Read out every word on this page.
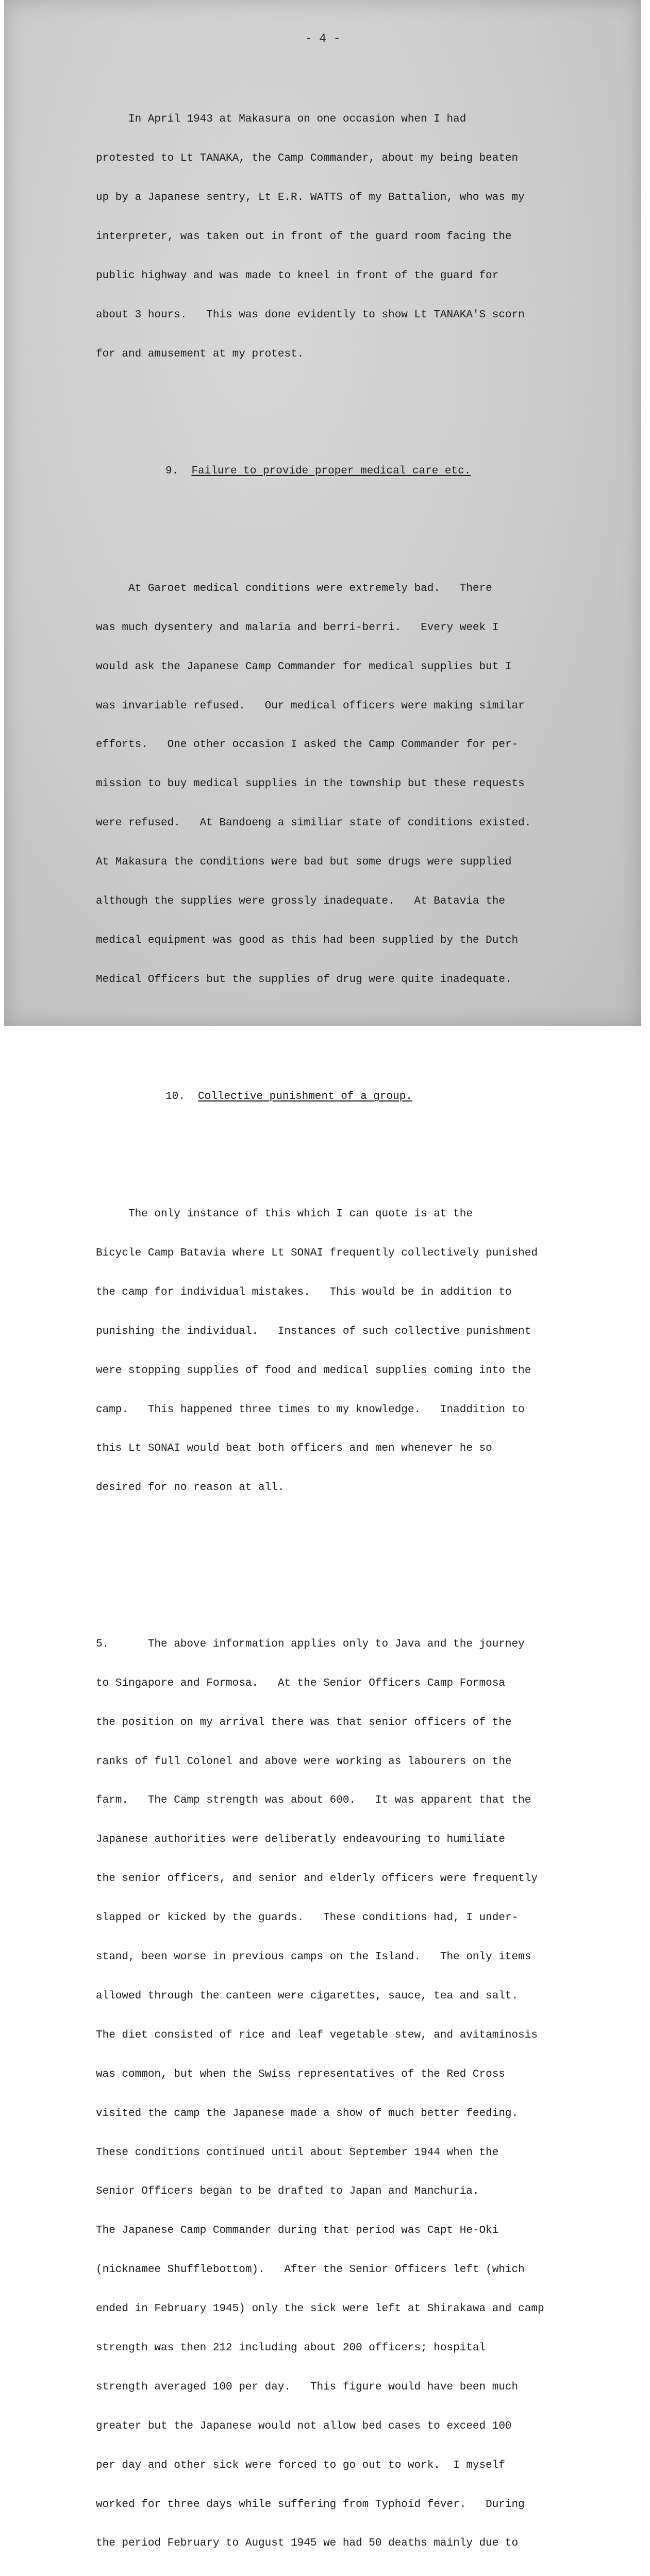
- 4 -

In April 1943 at Makasura on one occasion when I had

protested to Lt TANAKA, the Camp Commander, about my being beaten

up by a Japanese sentry, Lt E.R. WATTS of my Battalion, who was my

interpreter, was taken out in front of the guard room facing the

public highway and was made to kneel in front of the guard for

about 3 hours.   This was done evidently to show Lt TANAKA'S scorn

for and amusement at my protest.

9. Failure to provide proper medical care etc.

At Garoet medical conditions were extremely bad.   There

was much dysentery and malaria and berri-berri.   Every week I

would ask the Japanese Camp Commander for medical supplies but I

was invariable refused.   Our medical officers were making similar

efforts.   One other occasion I asked the Camp Commander for per-

mission to buy medical supplies in the township but these requests

were refused.   At Bandoeng a similiar state of conditions existed.

At Makasura the conditions were bad but some drugs were supplied

although the supplies were grossly inadequate.   At Batavia the

medical equipment was good as this had been supplied by the Dutch

Medical Officers but the supplies of drug were quite inadequate.

10. Collective punishment of a group.

The only instance of this which I can quote is at the

Bicycle Camp Batavia where Lt SONAI frequently collectively punished

the camp for individual mistakes.   This would be in addition to

punishing the individual.   Instances of such collective punishment

were stopping supplies of food and medical supplies coming into the

camp.   This happened three times to my knowledge.   Inaddition to

this Lt SONAI would beat both officers and men whenever he so

desired for no reason at all.

5.      The above information applies only to Java and the journey

to Singapore and Formosa.   At the Senior Officers Camp Formosa

the position on my arrival there was that senior officers of the

ranks of full Colonel and above were working as labourers on the

farm.   The Camp strength was about 600.   It was apparent that the

Japanese authorities were deliberatly endeavouring to humiliate

the senior officers, and senior and elderly officers were frequently

slapped or kicked by the guards.   These conditions had, I under-

stand, been worse in previous camps on the Island.   The only items

allowed through the canteen were cigarettes, sauce, tea and salt.

The diet consisted of rice and leaf vegetable stew, and avitaminosis

was common, but when the Swiss representatives of the Red Cross

visited the camp the Japanese made a show of much better feeding.

These conditions continued until about September 1944 when the

Senior Officers began to be drafted to Japan and Manchuria.

The Japanese Camp Commander during that period was Capt He-Oki

(nicknamee Shufflebottom).   After the Senior Officers left (which

ended in February 1945) only the sick were left at Shirakawa and camp

strength was then 212 including about 200 officers; hospital

strength averaged 100 per day.   This figure would have been much

greater but the Japanese would not allow bed cases to exceed 100

per day and other sick were forced to go out to work.  I myself

worked for three days while suffering from Typhoid fever.   During

the period February to August 1945 we had 50 deaths mainly due to
